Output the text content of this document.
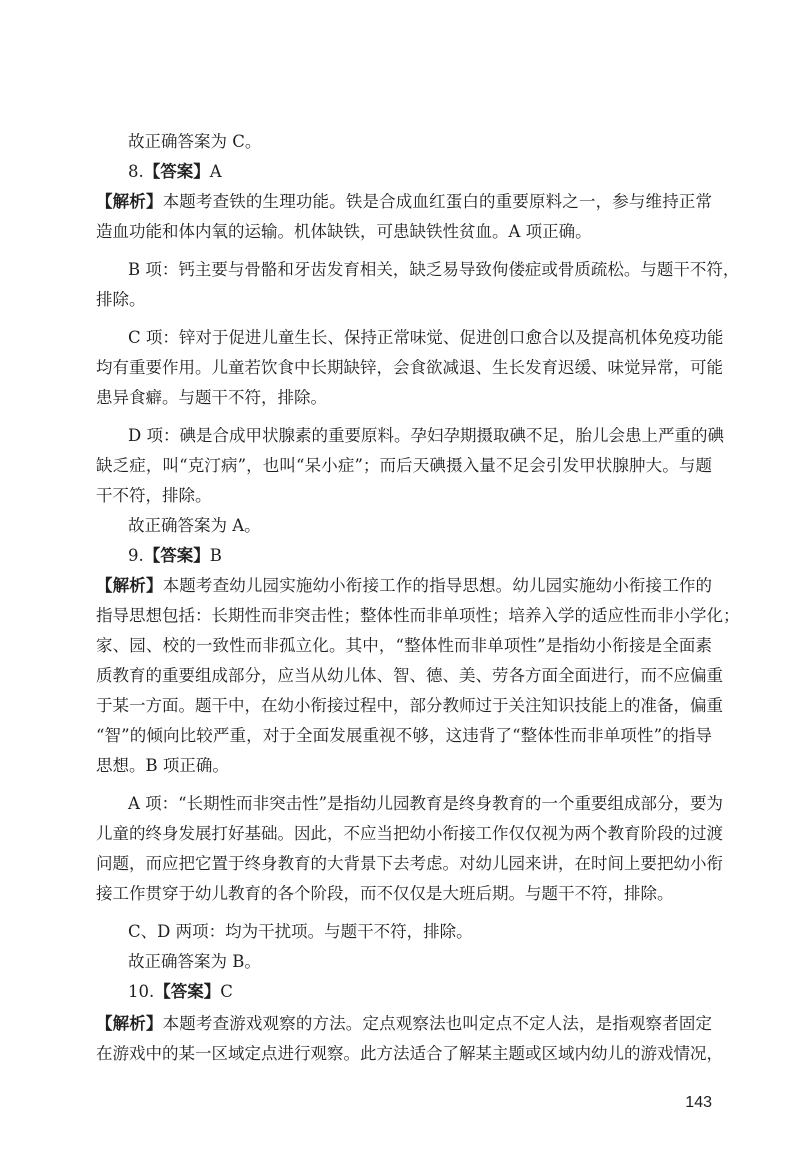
故正确答案为 C。
8.【答案】A
【解析】本题考查铁的生理功能。铁是合成血红蛋白的重要原料之一，参与维持正常
造血功能和体内氧的运输。机体缺铁，可患缺铁性贫血。A 项正确。
B 项：钙主要与骨骼和牙齿发育相关，缺乏易导致佝偻症或骨质疏松。与题干不符，
排除。
C 项：锌对于促进儿童生长、保持正常味觉、促进创口愈合以及提高机体免疫功能
均有重要作用。儿童若饮食中长期缺锌，会食欲减退、生长发育迟缓、味觉异常，可能
患异食癖。与题干不符，排除。
D 项：碘是合成甲状腺素的重要原料。孕妇孕期摄取碘不足，胎儿会患上严重的碘
缺乏症，叫“克汀病”，也叫“呆小症”；而后天碘摄入量不足会引发甲状腺肿大。与题
干不符，排除。
故正确答案为 A。
9.【答案】B
【解析】本题考查幼儿园实施幼小衔接工作的指导思想。幼儿园实施幼小衔接工作的
指导思想包括：长期性而非突击性；整体性而非单项性；培养入学的适应性而非小学化；
家、园、校的一致性而非孤立化。其中，“整体性而非单项性”是指幼小衔接是全面素
质教育的重要组成部分，应当从幼儿体、智、德、美、劳各方面全面进行，而不应偏重
于某一方面。题干中，在幼小衔接过程中，部分教师过于关注知识技能上的准备，偏重
“智”的倾向比较严重，对于全面发展重视不够，这违背了“整体性而非单项性”的指导
思想。B 项正确。
A 项：“长期性而非突击性”是指幼儿园教育是终身教育的一个重要组成部分，要为
儿童的终身发展打好基础。因此，不应当把幼小衔接工作仅仅视为两个教育阶段的过渡
问题，而应把它置于终身教育的大背景下去考虑。对幼儿园来讲，在时间上要把幼小衔
接工作贯穿于幼儿教育的各个阶段，而不仅仅是大班后期。与题干不符，排除。
C、D 两项：均为干扰项。与题干不符，排除。
故正确答案为 B。
10.【答案】C
【解析】本题考查游戏观察的方法。定点观察法也叫定点不定人法，是指观察者固定
在游戏中的某一区域定点进行观察。此方法适合了解某主题或区域内幼儿的游戏情况，
143
